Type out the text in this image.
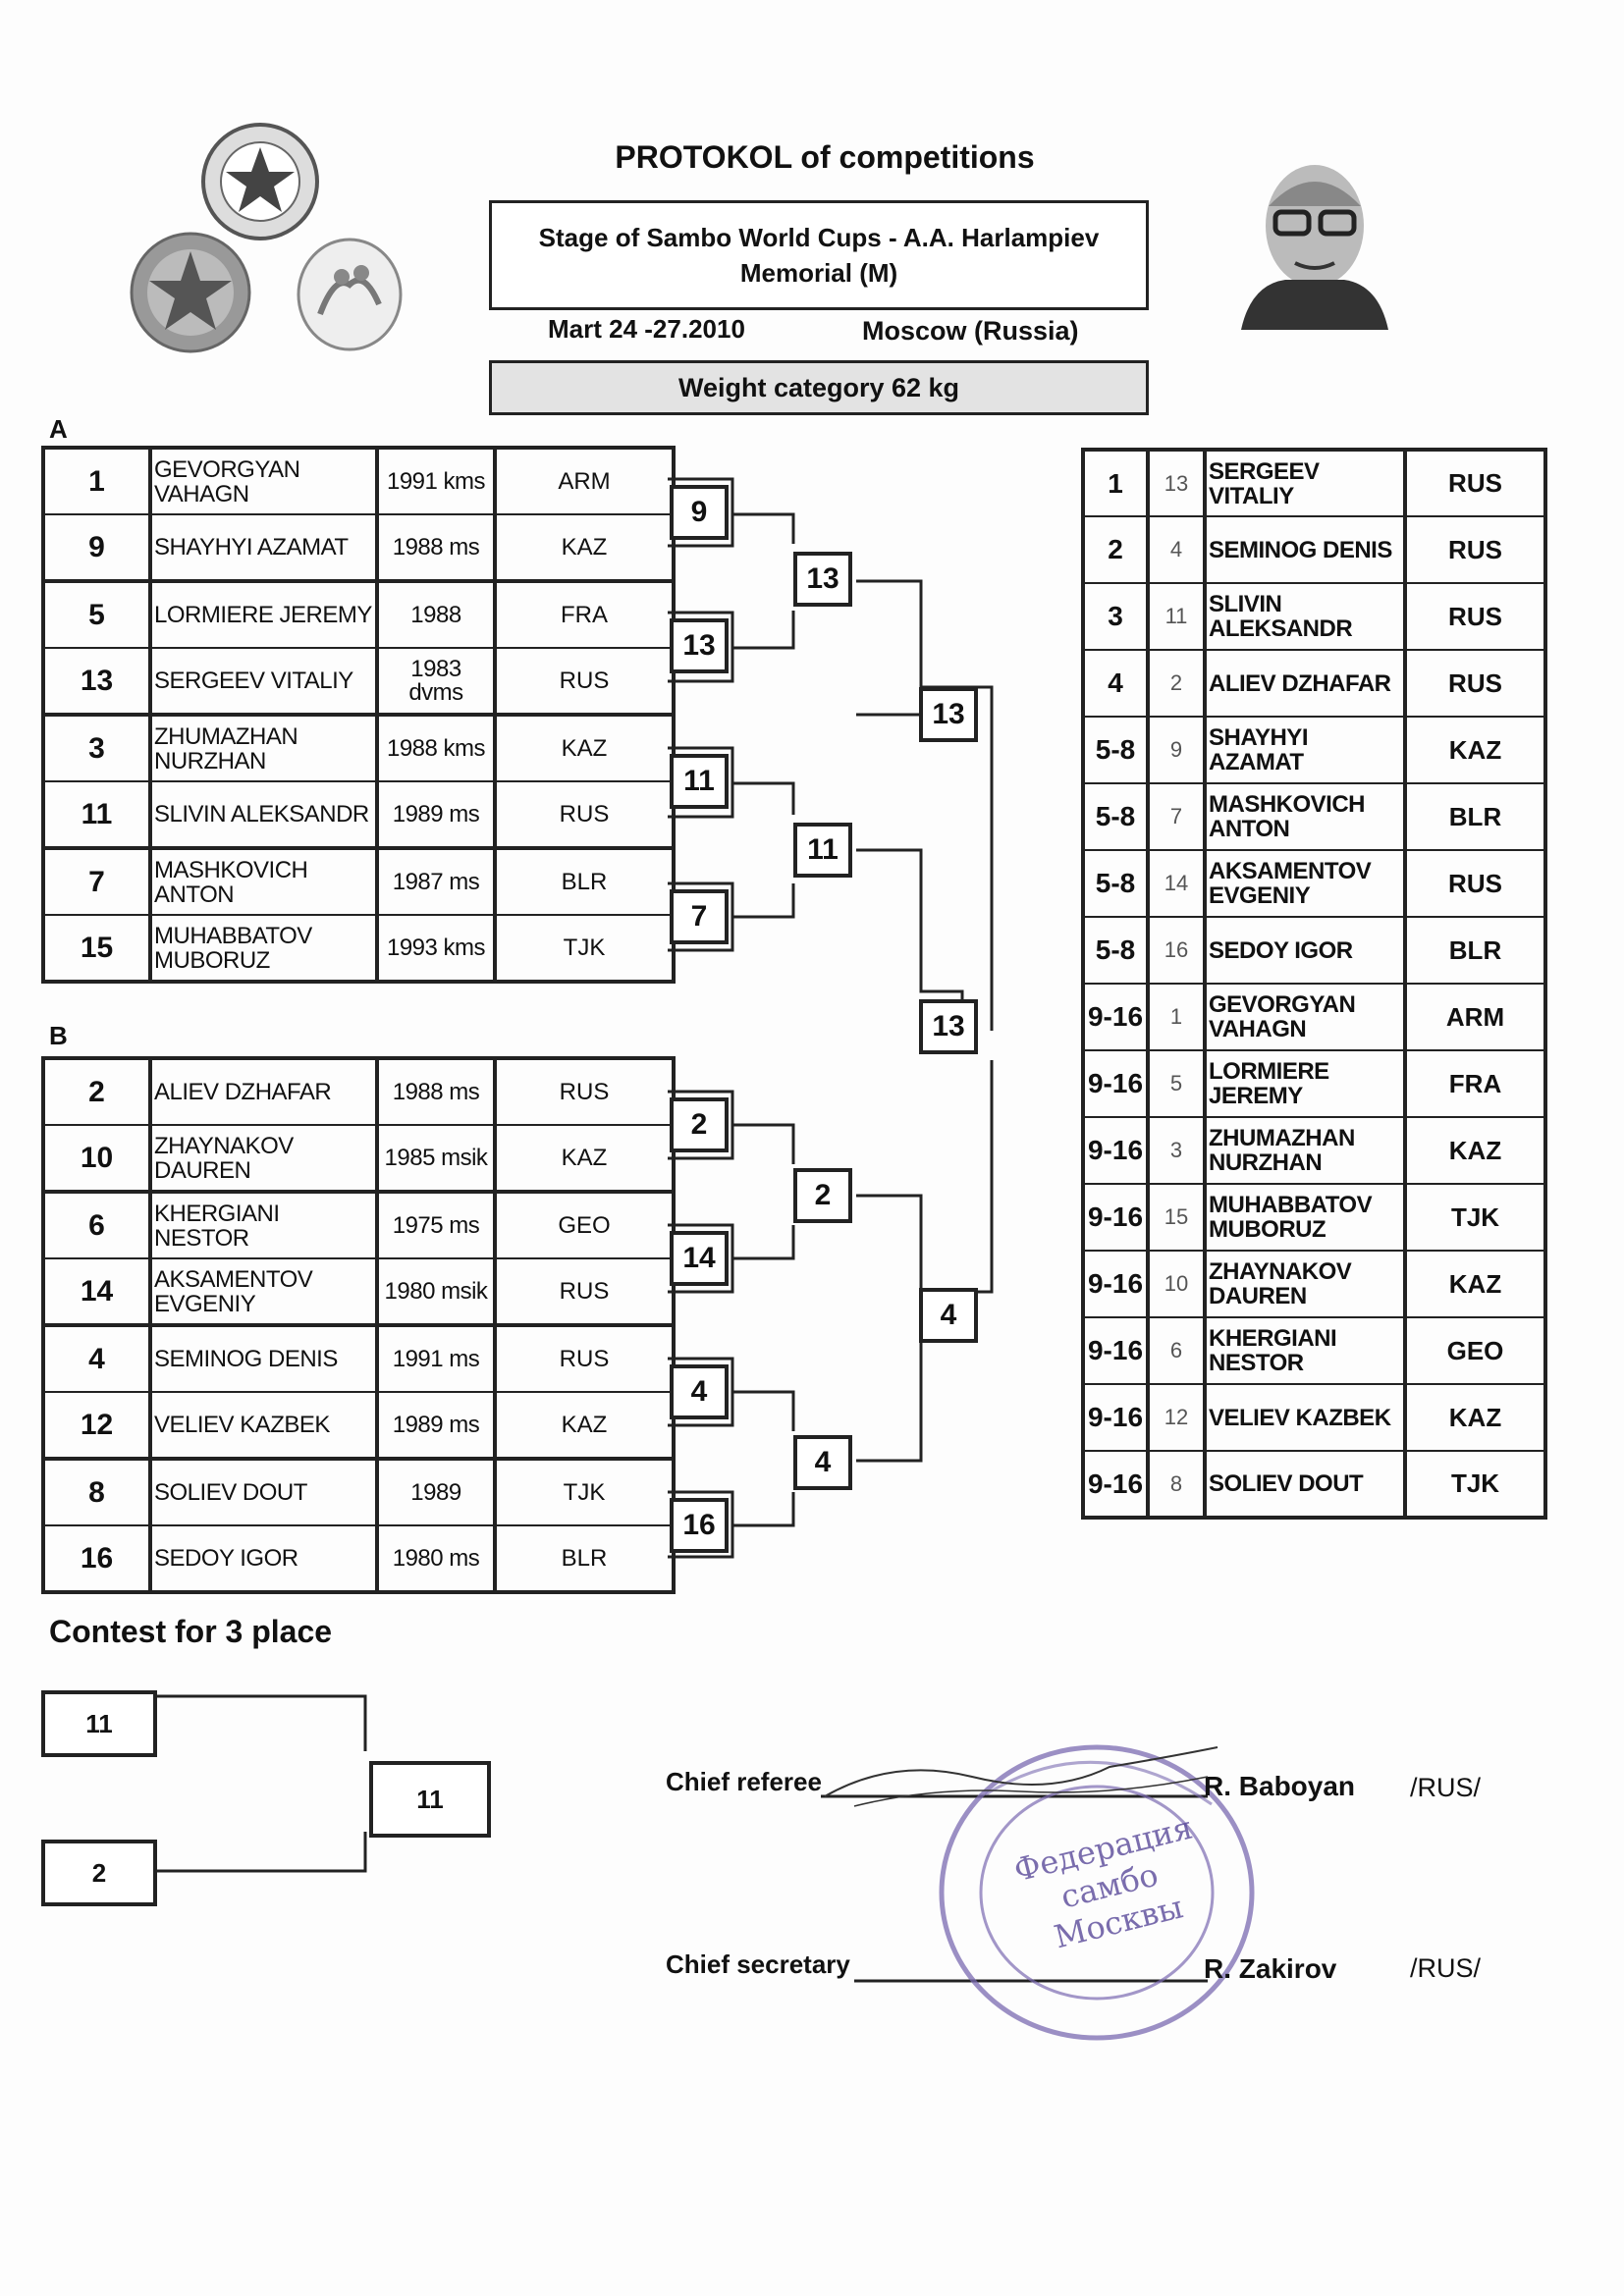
PROTOKOL of competitions
Stage of Sambo World Cups - A.A. Harlampiev
Memorial (M)
Mart 24 -27.2010	Moscow (Russia)
Weight category 62 kg
A
B
1	GEVORGYAN VAHAGN	1991 kms	ARM
9	SHAYHYI AZAMAT	1988 ms	KAZ
5	LORMIERE JEREMY	1988	FRA
13	SERGEEV VITALIY	1983 dvms	RUS
3	ZHUMAZHAN NURZHAN	1988 kms	KAZ
11	SLIVIN ALEKSANDR	1989 ms	RUS
7	MASHKOVICH ANTON	1987 ms	BLR
15	MUHABBATOV MUBORUZ	1993 kms	TJK
2	ALIEV DZHAFAR	1988 ms	RUS
10	ZHAYNAKOV DAUREN	1985 msik	KAZ
6	KHERGIANI NESTOR	1975 ms	GEO
14	AKSAMENTOV EVGENIY	1980 msik	RUS
4	SEMINOG DENIS	1991 ms	RUS
12	VELIEV KAZBEK	1989 ms	KAZ
8	SOLIEV DOUT	1989	TJK
16	SEDOY IGOR	1980 ms	BLR
9
13
11
7
13
11
13
13
2
14
4
16
2
4
4
1	13	SERGEEV VITALIY	RUS
2	4	SEMINOG DENIS	RUS
3	11	SLIVIN ALEKSANDR	RUS
4	2	ALIEV DZHAFAR	RUS
5-8	9	SHAYHYI AZAMAT	KAZ
5-8	7	MASHKOVICH ANTON	BLR
5-8	14	AKSAMENTOV EVGENIY	RUS
5-8	16	SEDOY IGOR	BLR
9-16	1	GEVORGYAN VAHAGN	ARM
9-16	5	LORMIERE JEREMY	FRA
9-16	3	ZHUMAZHAN NURZHAN	KAZ
9-16	15	MUHABBATOV MUBORUZ	TJK
9-16	10	ZHAYNAKOV DAUREN	KAZ
9-16	6	KHERGIANI NESTOR	GEO
9-16	12	VELIEV KAZBEK	KAZ
9-16	8	SOLIEV DOUT	TJK
Contest for 3 place
11
2
11
Федерация самбо Москвы
Chief referee	R. Baboyan /RUS/
Chief secretary	R. Zakirov	/RUS/
